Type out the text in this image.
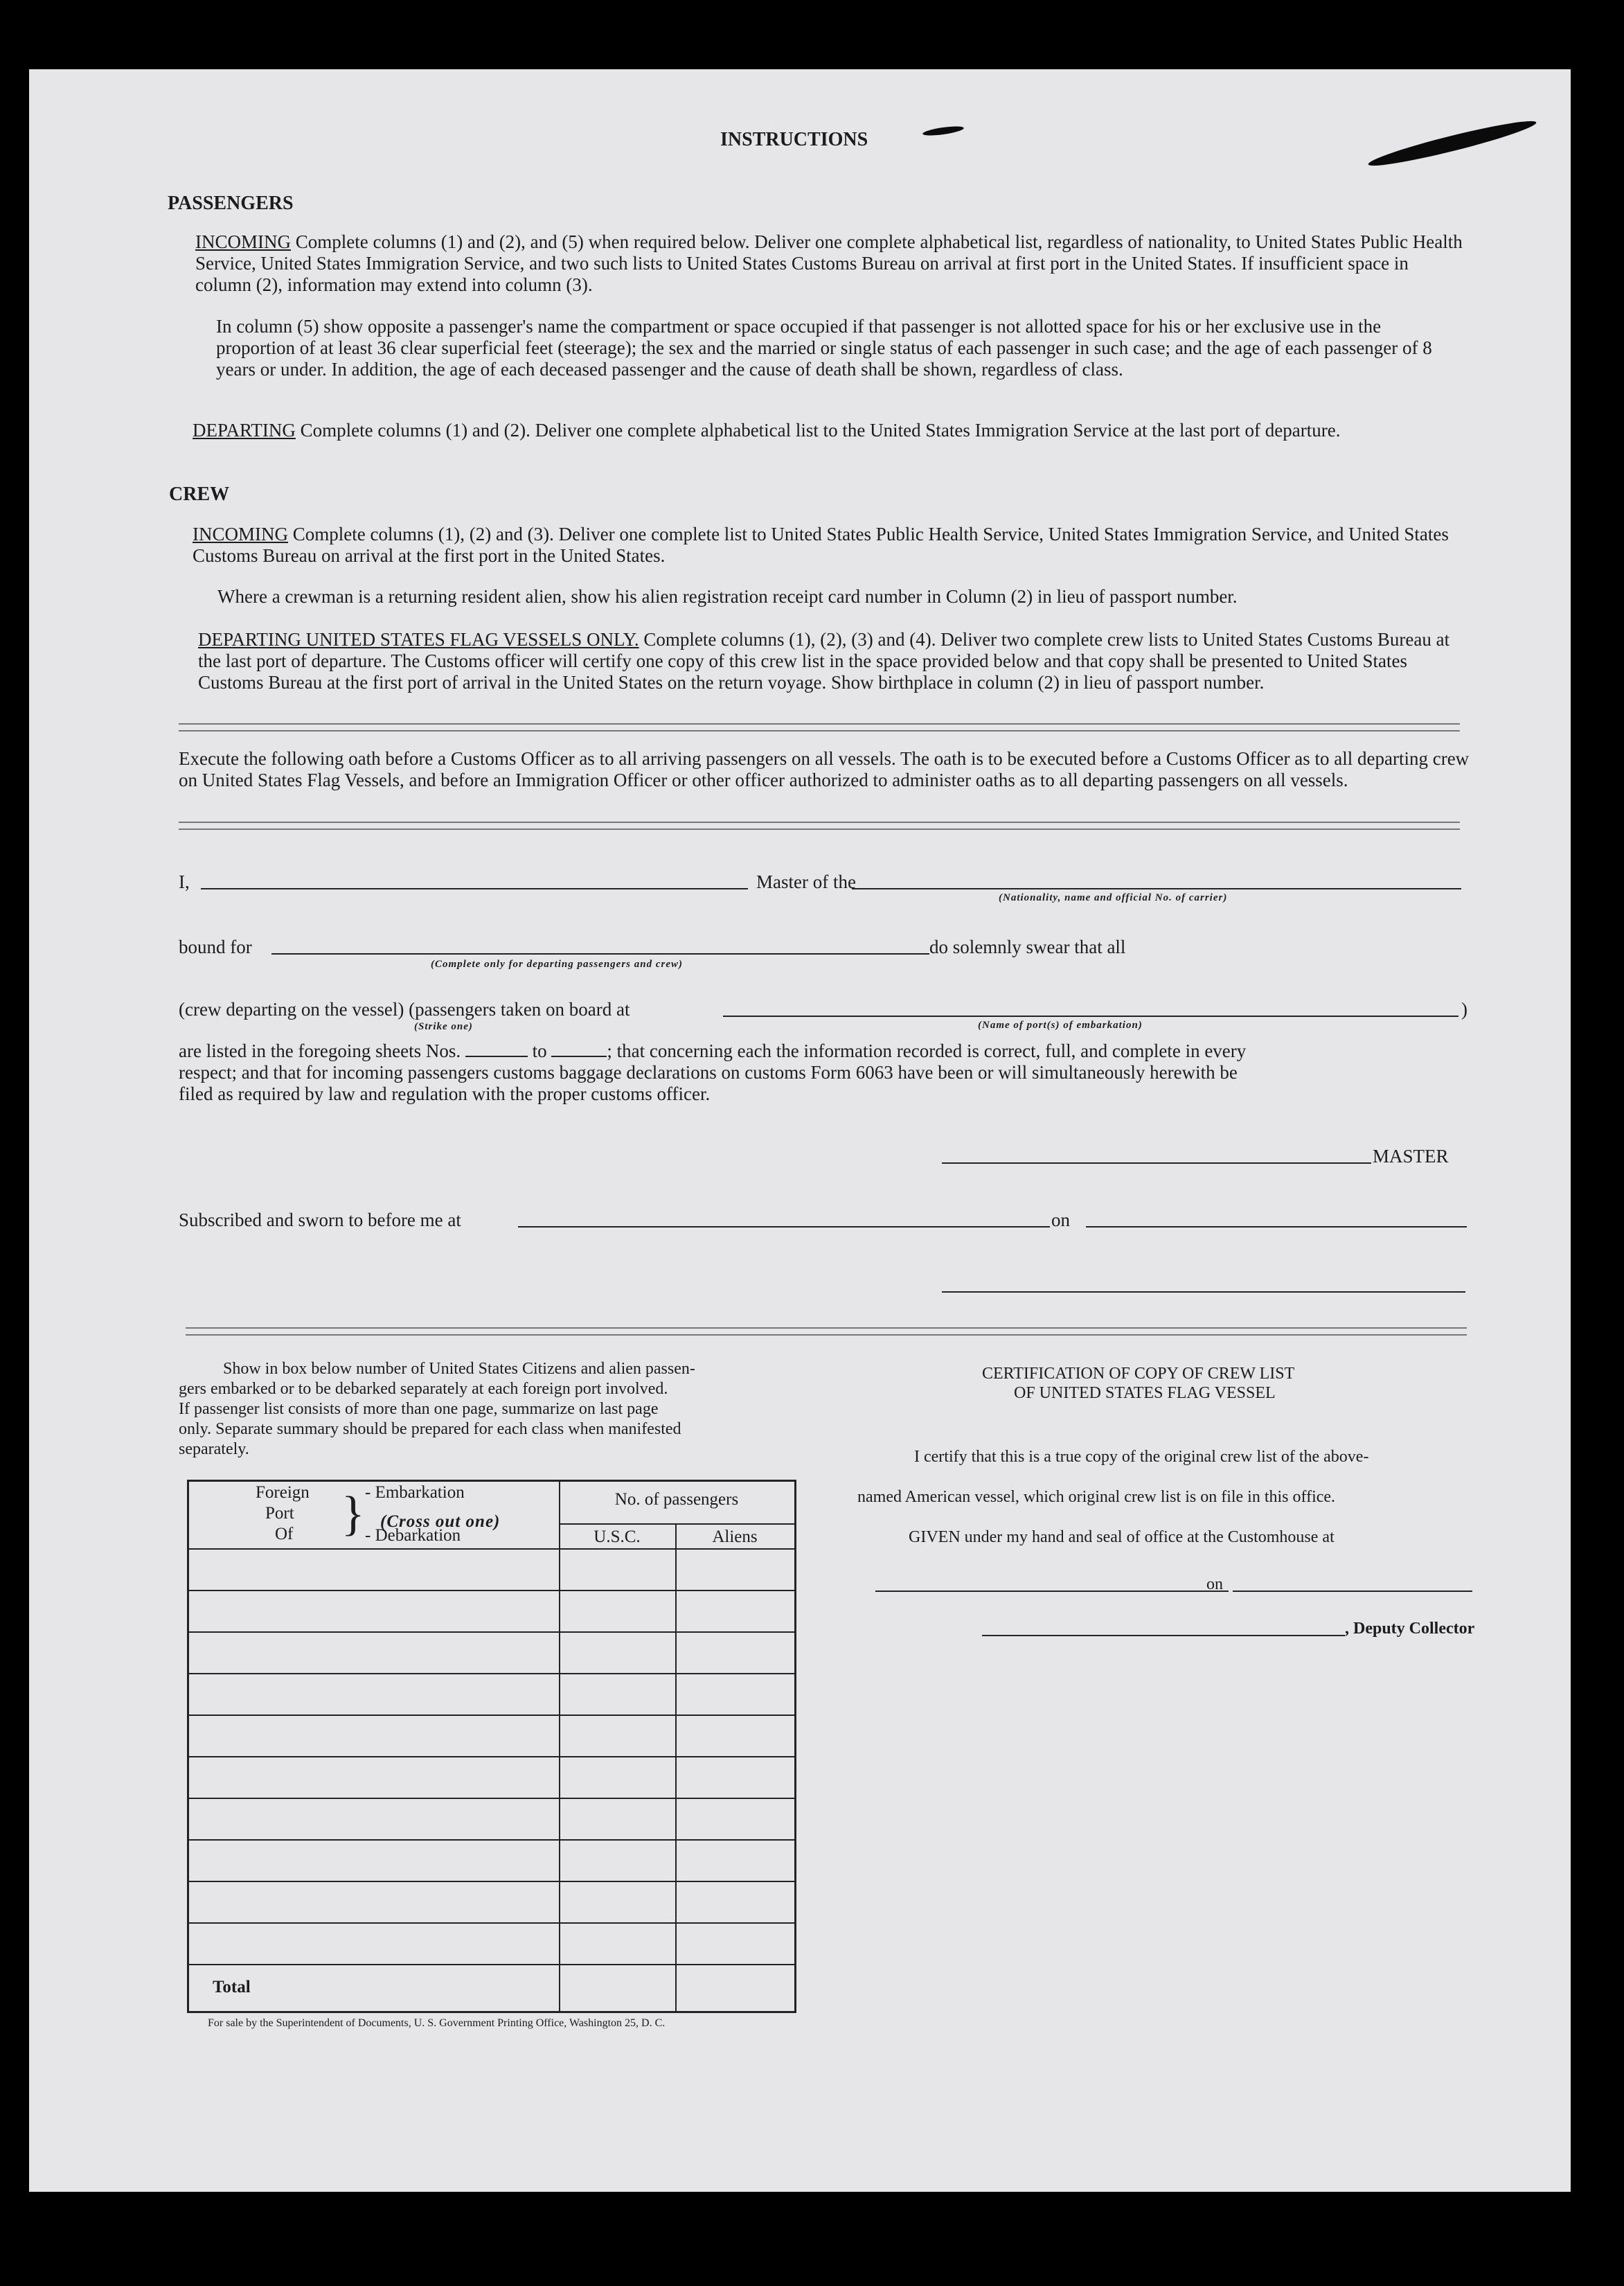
INSTRUCTIONS
PASSENGERS
INCOMING Complete columns (1) and (2), and (5) when required below. Deliver one complete alphabetical list, regardless of nationality, to United States Public Health Service, United States Immigration Service, and two such lists to United States Customs Bureau on arrival at first port in the United States. If insufficient space in column (2), information may extend into column (3).
In column (5) show opposite a passenger's name the compartment or space occupied if that passenger is not allotted space for his or her exclusive use in the proportion of at least 36 clear superficial feet (steerage); the sex and the married or single status of each passenger in such case; and the age of each passenger of 8 years or under. In addition, the age of each deceased passenger and the cause of death shall be shown, regardless of class.
DEPARTING Complete columns (1) and (2). Deliver one complete alphabetical list to the United States Immigration Service at the last port of departure.
CREW
INCOMING Complete columns (1), (2) and (3). Deliver one complete list to United States Public Health Service, United States Immigration Service, and United States Customs Bureau on arrival at the first port in the United States.
Where a crewman is a returning resident alien, show his alien registration receipt card number in Column (2) in lieu of passport number.
DEPARTING UNITED STATES FLAG VESSELS ONLY. Complete columns (1), (2), (3) and (4). Deliver two complete crew lists to United States Customs Bureau at the last port of departure. The Customs officer will certify one copy of this crew list in the space provided below and that copy shall be presented to United States Customs Bureau at the first port of arrival in the United States on the return voyage. Show birthplace in column (2) in lieu of passport number.
Execute the following oath before a Customs Officer as to all arriving passengers on all vessels. The oath is to be executed before a Customs Officer as to all departing crew on United States Flag Vessels, and before an Immigration Officer or other officer authorized to administer oaths as to all departing passengers on all vessels.
I,	Master of the
(Nationality, name and official No. of carrier)
bound for	do solemnly swear that all
(Complete only for departing passengers and crew)
(crew departing on the vessel) (passengers taken on board at	)
(Strike one)	(Name of port(s) of embarkation)
are listed in the foregoing sheets Nos.	to	; that concerning each the information recorded is correct, full, and complete in every
respect; and that for incoming passengers customs baggage declarations on customs Form 6063 have been or will simultaneously herewith be
filed as required by law and regulation with the proper customs officer.
MASTER
Subscribed and sworn to before me at	on
Show in box below number of United States Citizens and alien passen-
gers embarked or to be debarked separately at each foreign port involved.
If passenger list consists of more than one page, summarize on last page
only. Separate summary should be prepared for each class when manifested
separately.
Foreign
Port
Of } - Embarkation
(Cross out one)
- Debarkation
No. of passengers
U.S.C.	Aliens
Total
For sale by the Superintendent of Documents, U. S. Government Printing Office, Washington 25, D. C.
CERTIFICATION OF COPY OF CREW LIST
OF UNITED STATES FLAG VESSEL
I certify that this is a true copy of the original crew list of the above-
named American vessel, which original crew list is on file in this office.
GIVEN under my hand and seal of office at the Customhouse at
on
, Deputy Collector
